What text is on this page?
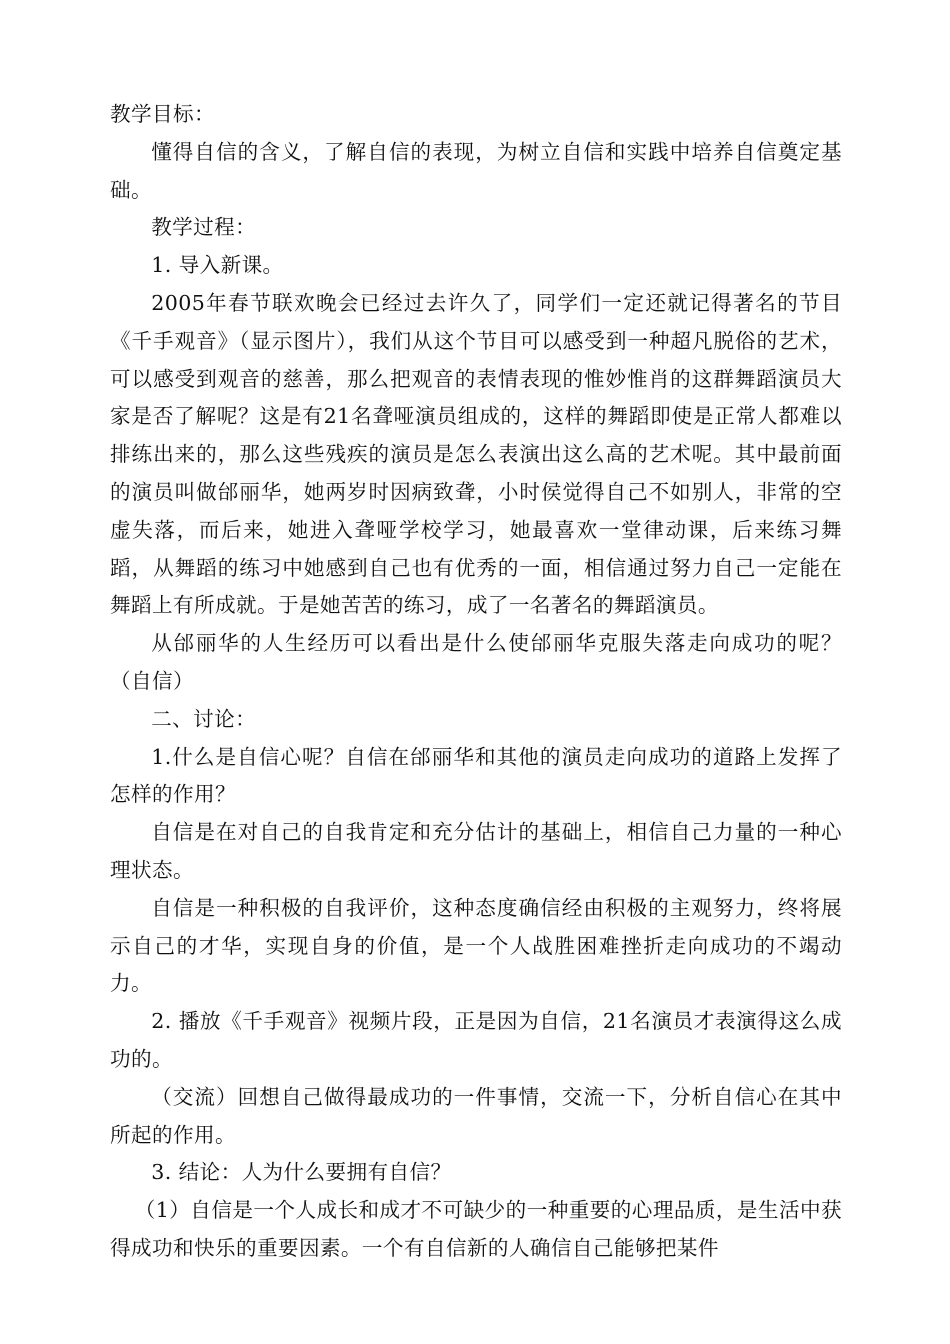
教学目标：

懂得自信的含义，了解自信的表现，为树立自信和实践中培养自信奠定基础。

教学过程：

1. 导入新课。

2005年春节联欢晚会已经过去许久了，同学们一定还就记得著名的节目《千手观音》（显示图片），我们从这个节目可以感受到一种超凡脱俗的艺术，可以感受到观音的慈善，那么把观音的表情表现的惟妙惟肖的这群舞蹈演员大家是否了解呢？这是有21名聋哑演员组成的，这样的舞蹈即使是正常人都难以排练出来的，那么这些残疾的演员是怎么表演出这么高的艺术呢。其中最前面的演员叫做邰丽华，她两岁时因病致聋，小时侯觉得自己不如别人，非常的空虚失落，而后来，她进入聋哑学校学习，她最喜欢一堂律动课，后来练习舞蹈，从舞蹈的练习中她感到自己也有优秀的一面，相信通过努力自己一定能在舞蹈上有所成就。于是她苦苦的练习，成了一名著名的舞蹈演员。

从邰丽华的人生经历可以看出是什么使邰丽华克服失落走向成功的呢？（自信）

二、讨论：

1.什么是自信心呢？自信在邰丽华和其他的演员走向成功的道路上发挥了怎样的作用？

自信是在对自己的自我肯定和充分估计的基础上，相信自己力量的一种心理状态。

自信是一种积极的自我评价，这种态度确信经由积极的主观努力，终将展示自己的才华，实现自身的价值，是一个人战胜困难挫折走向成功的不竭动力。

2. 播放《千手观音》视频片段，正是因为自信，21名演员才表演得这么成功的。

（交流）回想自己做得最成功的一件事情，交流一下，分析自信心在其中所起的作用。

3. 结论：人为什么要拥有自信？

（1）自信是一个人成长和成才不可缺少的一种重要的心理品质，是生活中获得成功和快乐的重要因素。一个有自信新的人确信自己能够把某件
